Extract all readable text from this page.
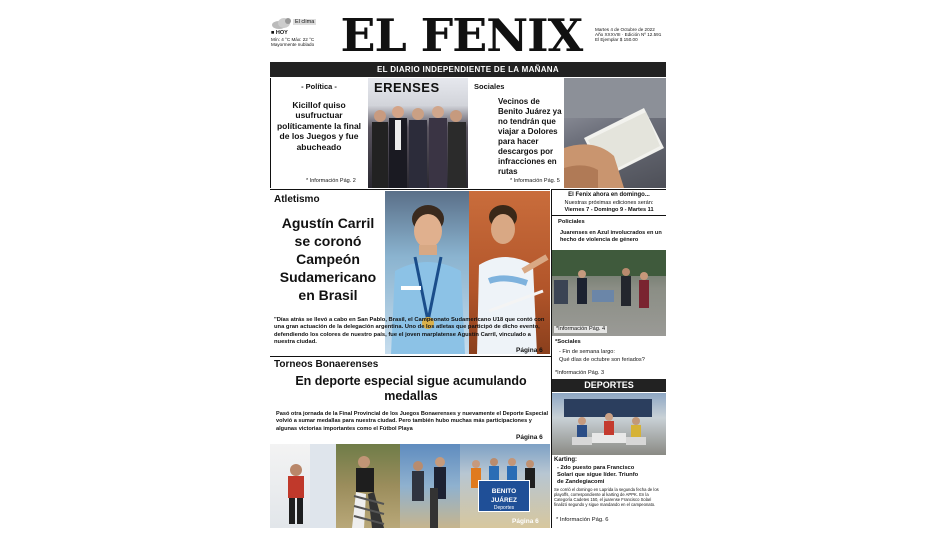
El clima
■ HOY
Mín: 4 °C Máx: 22 °C
Mayormente nublado EL FENIX	Martes 4 de Octubre de 2022
Año XXXVIII · Edición Nº 12.591
El Ejemplar $ 150.00
EL DIARIO INDEPENDIENTE DE LA MAÑANA
- Política -
Kicillof quiso usufructuar políticamente la final de los Juegos y fue abucheado
* Información Pág. 2
ERENSES	Sociales
Vecinos de Benito Juárez ya no tendrán que viajar a Dolores para hacer descargos por infracciones en rutas
* Información Pág. 5
Atletismo
Agustín Carril se coronó Campeón Sudamericano en Brasil
"Días atrás se llevó a cabo en San Pablo, Brasil, el Campeonato Sudamericano U18 que contó con una gran actuación de la delegación argentina. Uno de los atletas que participó de dicho evento, defendiendo los colores de nuestro país, fue el joven marplatense Agustín Carril, vinculado a nuestra ciudad.
Página 6
El Fenix ahora en domingo...
Nuestras próximas ediciones serán:
Viernes 7 - Domingo 9 - Martes 11
Policiales
Juarenses en Azul involucrados en un hecho de violencia de género
*Información Pág. 4
*Sociales
- Fin de semana largo:
Qué días de octubre son feriados?
*Información Pág. 3
DEPORTES
Karting:
- 2do puesto para Francisco Solari que sigue líder. Triunfo de Zandegiacomi
Se corrió el domingo en Laprida la segunda fecha de los playoffs, correspondiente al karting de APPK. En la Categoría Cadetes 150, el juarense Francisco Solari finalizó segundo y sigue mandando en el campeonato.
* Información Pág. 6
Torneos Bonaerenses
En deporte especial sigue acumulando medallas
Pasó otra jornada de la Final Provincial de los Juegos Bonaerenses y nuevamente el Deporte Especial volvió a sumar medallas para nuestra ciudad. Pero también hubo muchas más participaciones y algunas victorias importantes como el Fútbol Playa
Página 6
BENITO JUÁREZ
Deportes
Página 6
